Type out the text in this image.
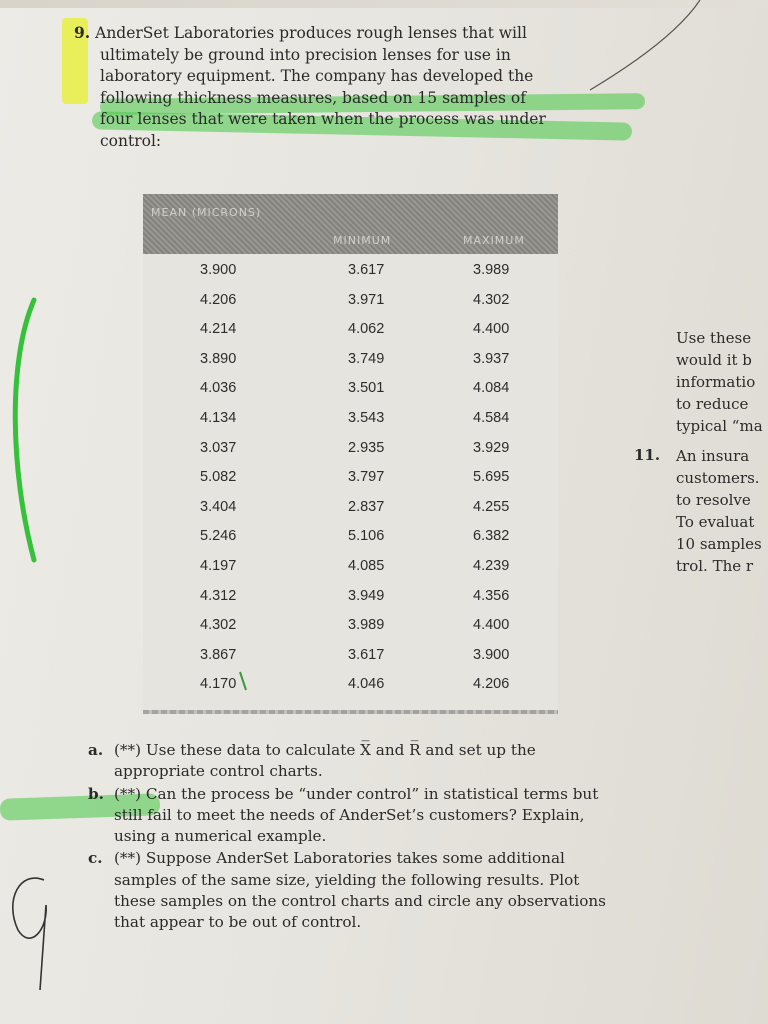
9. AnderSet Laboratories produces rough lenses that will
ultimately be ground into precision lenses for use in
laboratory equipment. The company has developed the
following thickness measures, based on 15 samples of
four lenses that were taken when the process was under
control:
MEAN (MICRONS)
MINIMUM	MAXIMUM
3.900	3.617	3.989
4.206	3.971	4.302
4.214	4.062	4.400
3.890	3.749	3.937
4.036	3.501	4.084
4.134	3.543	4.584
3.037	2.935	3.929
5.082	3.797	5.695
3.404	2.837	4.255
5.246	5.106	6.382
4.197	4.085	4.239
4.312	3.949	4.356
4.302	3.989	4.400
3.867	3.617	3.900
4.170	4.046	4.206
Use these
would it b
informatio
to reduce
typical “ma
11. An insura
customers.
to resolve
To evaluat
10 samples
trol. The r
a. (**) Use these data to calculate X̅̅ and R̅ and set up the appropriate control charts.
b. (**) Can the process be “under control” in statistical terms but still fail to meet the needs of AnderSet’s customers? Explain, using a numerical example.
c. (**) Suppose AnderSet Laboratories takes some additional samples of the same size, yielding the following results. Plot these samples on the control charts and circle any observations that appear to be out of control.
